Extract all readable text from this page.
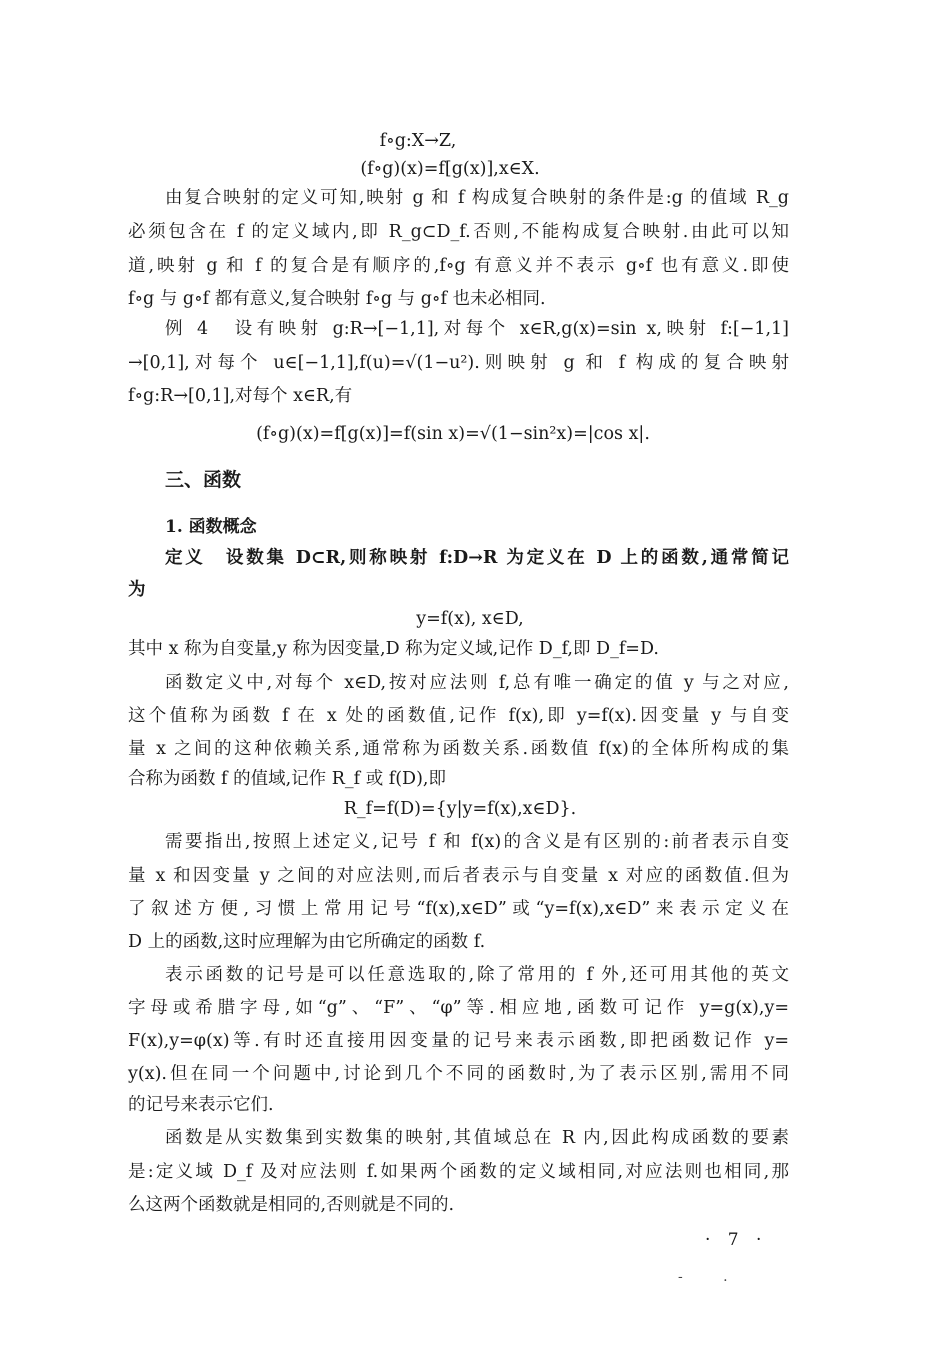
f∘g:X→Z,
(f∘g)(x)=f[g(x)],x∈X.
由复合映射的定义可知,映射 g 和 f 构成复合映射的条件是:g 的值域 R_g
必须包含在 f 的定义域内,即 R_g⊂D_f.否则,不能构成复合映射.由此可以知
道,映射 g 和 f 的复合是有顺序的,f∘g 有意义并不表示 g∘f 也有意义.即使
f∘g 与 g∘f 都有意义,复合映射 f∘g 与 g∘f 也未必相同.
例 4　设有映射 g:R→[−1,1],对每个 x∈R,g(x)=sin x,映射 f:[−1,1]
→[0,1],对每个 u∈[−1,1],f(u)=√(1−u²).则映射 g 和 f 构成的复合映射
f∘g:R→[0,1],对每个 x∈R,有
(f∘g)(x)=f[g(x)]=f(sin x)=√(1−sin²x)=|cos x|.
三、函数
1. 函数概念
定义　设数集 D⊂R,则称映射 f:D→R 为定义在 D 上的函数,通常简记
为
y=f(x), x∈D,
其中 x 称为自变量,y 称为因变量,D 称为定义域,记作 D_f,即 D_f=D.
函数定义中,对每个 x∈D,按对应法则 f,总有唯一确定的值 y 与之对应,
这个值称为函数 f 在 x 处的函数值,记作 f(x),即 y=f(x).因变量 y 与自变
量 x 之间的这种依赖关系,通常称为函数关系.函数值 f(x)的全体所构成的集
合称为函数 f 的值域,记作 R_f 或 f(D),即
R_f=f(D)={y|y=f(x),x∈D}.
需要指出,按照上述定义,记号 f 和 f(x)的含义是有区别的:前者表示自变
量 x 和因变量 y 之间的对应法则,而后者表示与自变量 x 对应的函数值.但为
了叙述方便,习惯上常用记号“f(x),x∈D”或“y=f(x),x∈D”来表示定义在
D 上的函数,这时应理解为由它所确定的函数 f.
表示函数的记号是可以任意选取的,除了常用的 f 外,还可用其他的英文
字母或希腊字母,如“g”、“F”、“φ”等.相应地,函数可记作 y=g(x),y=
F(x),y=φ(x)等.有时还直接用因变量的记号来表示函数,即把函数记作 y=
y(x).但在同一个问题中,讨论到几个不同的函数时,为了表示区别,需用不同
的记号来表示它们.
函数是从实数集到实数集的映射,其值域总在 R 内,因此构成函数的要素
是:定义域 D_f 及对应法则 f.如果两个函数的定义域相同,对应法则也相同,那
么这两个函数就是相同的,否则就是不同的.
· 7 ·
- .
